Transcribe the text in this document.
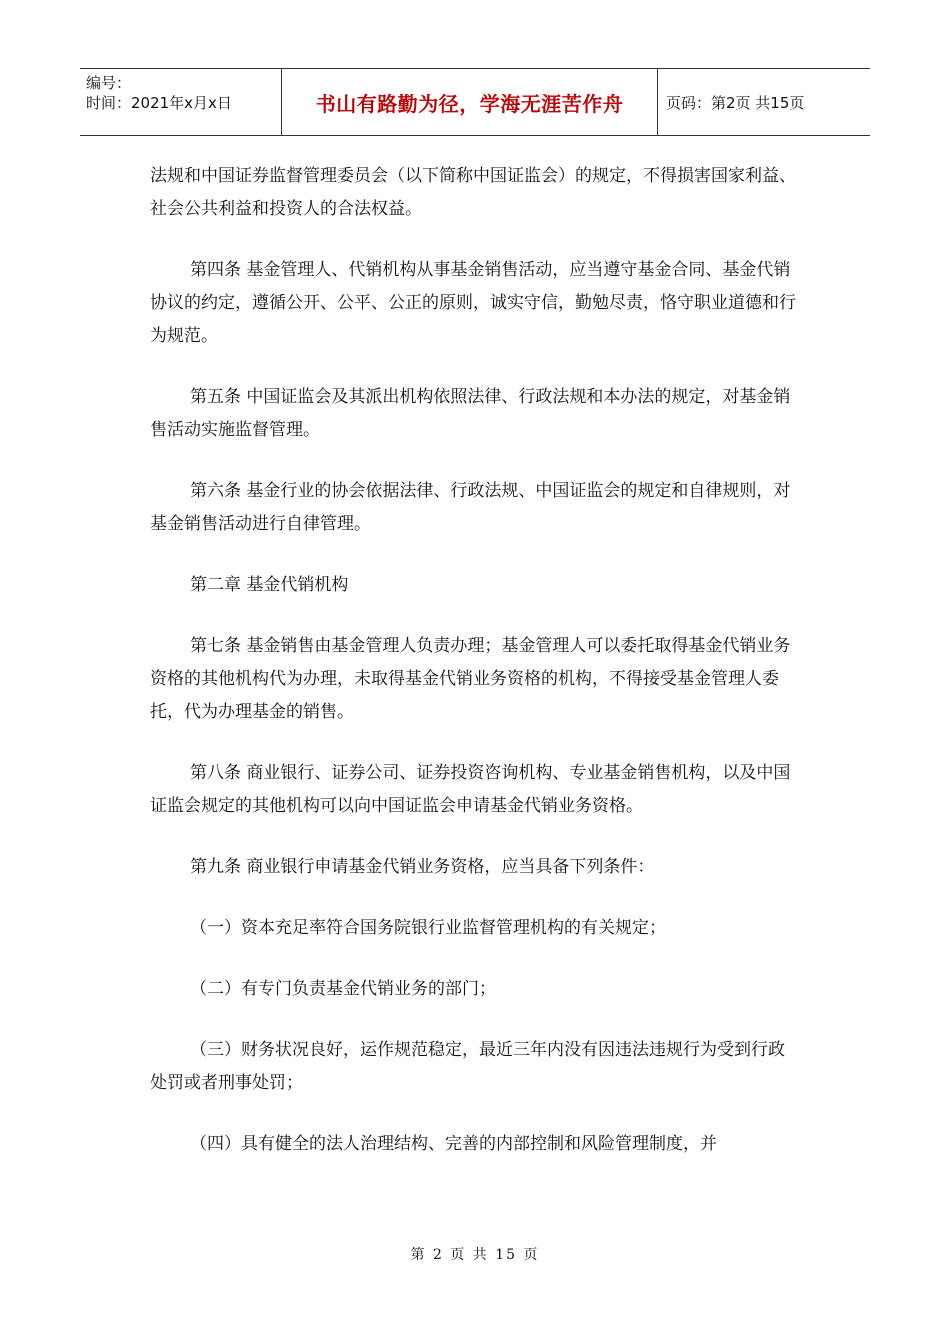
编号：
时间：2021年x月x日	书山有路勤为径，学海无涯苦作舟	页码：第2页 共15页

法规和中国证券监督管理委员会（以下简称中国证监会）的规定，不得损害国家利益、社会公共利益和投资人的合法权益。

第四条 基金管理人、代销机构从事基金销售活动，应当遵守基金合同、基金代销协议的约定，遵循公开、公平、公正的原则，诚实守信，勤勉尽责，恪守职业道德和行为规范。

第五条 中国证监会及其派出机构依照法律、行政法规和本办法的规定，对基金销售活动实施监督管理。

第六条 基金行业的协会依据法律、行政法规、中国证监会的规定和自律规则，对基金销售活动进行自律管理。

第二章 基金代销机构

第七条 基金销售由基金管理人负责办理；基金管理人可以委托取得基金代销业务资格的其他机构代为办理，未取得基金代销业务资格的机构，不得接受基金管理人委托，代为办理基金的销售。

第八条 商业银行、证券公司、证券投资咨询机构、专业基金销售机构，以及中国证监会规定的其他机构可以向中国证监会申请基金代销业务资格。

第九条 商业银行申请基金代销业务资格，应当具备下列条件：

（一）资本充足率符合国务院银行业监督管理机构的有关规定；

（二）有专门负责基金代销业务的部门；

（三）财务状况良好，运作规范稳定，最近三年内没有因违法违规行为受到行政处罚或者刑事处罚；

（四）具有健全的法人治理结构、完善的内部控制和风险管理制度，并

第 2 页 共 15 页
